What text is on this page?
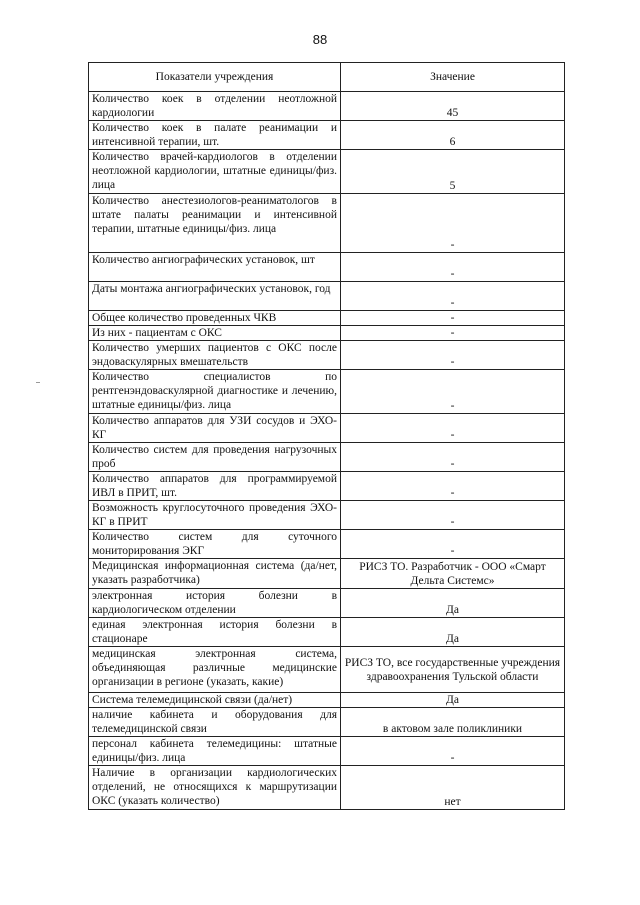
88
Показатели учреждения	Значение
Количество коек в отделении неотложной кардиологии	45
Количество коек в палате реанимации и интенсивной терапии, шт.	6
Количество врачей-кардиологов в отделении неотложной кардиологии, штатные единицы/физ. лица	5
Количество анестезиологов-реаниматологов в штате палаты реанимации и интенсивной терапии, штатные единицы/физ. лица	-
Количество ангиографических установок, шт	-
Даты монтажа ангиографических установок, год	-
Общее количество проведенных ЧКВ	-
Из них - пациентам с ОКС	-
Количество умерших пациентов с ОКС после эндоваскулярных вмешательств	-
Количество специалистов по рентгенэндоваскулярной диагностике и лечению, штатные единицы/физ. лица	-
Количество аппаратов для УЗИ сосудов и ЭХО-КГ	-
Количество систем для проведения нагрузочных проб	-
Количество аппаратов для программируемой ИВЛ в ПРИТ, шт.	-
Возможность круглосуточного проведения ЭХО-КГ в ПРИТ	-
Количество систем для суточного мониторирования ЭКГ	-
Медицинская информационная система (да/нет, указать разработчика)	РИСЗ ТО. Разработчик - ООО «Смарт Дельта Системс»
электронная история болезни в кардиологическом отделении	Да
единая электронная история болезни в стационаре	Да
медицинская электронная система, объединяющая различные медицинские организации в регионе (указать, какие)	РИСЗ ТО, все государственные учреждения здравоохранения Тульской области
Система телемедицинской связи (да/нет)	Да
наличие кабинета и оборудования для телемедицинской связи	в актовом зале поликлиники
персонал кабинета телемедицины: штатные единицы/физ. лица	-
Наличие в организации кардиологических отделений, не относящихся к маршрутизации ОКС (указать количество)	нет
